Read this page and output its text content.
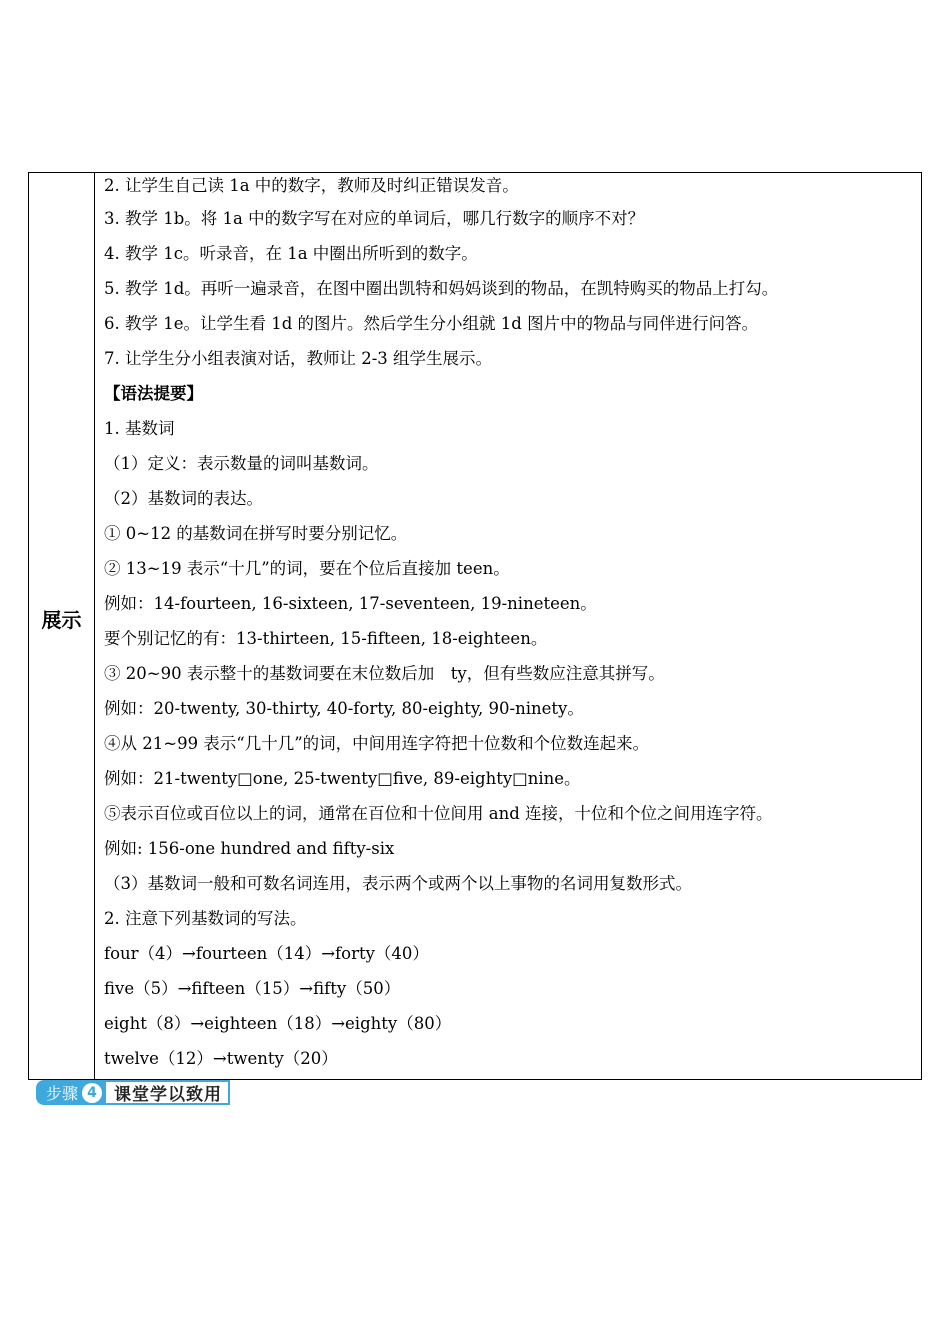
展示
2. 让学生自己读 1a 中的数字，教师及时纠正错误发音。
3. 教学 1b。将 1a 中的数字写在对应的单词后，哪几行数字的顺序不对？
4. 教学 1c。听录音，在 1a 中圈出所听到的数字。
5. 教学 1d。再听一遍录音，在图中圈出凯特和妈妈谈到的物品，在凯特购买的物品上打勾。
6. 教学 1e。让学生看 1d 的图片。然后学生分小组就 1d 图片中的物品与同伴进行问答。
7. 让学生分小组表演对话，教师让 2-3 组学生展示。
【语法提要】
1. 基数词
（1）定义：表示数量的词叫基数词。
（2）基数词的表达。
① 0~12 的基数词在拼写时要分别记忆。
② 13~19 表示“十几”的词，要在个位后直接加 teen。
例如：14-fourteen, 16-sixteen, 17-seventeen, 19-nineteen。
要个别记忆的有：13-thirteen, 15-fifteen, 18-eighteen。
③ 20~90 表示整十的基数词要在末位数后加　ty，但有些数应注意其拼写。
例如：20-twenty, 30-thirty, 40-forty, 80-eighty, 90-ninety。
④从 21~99 表示“几十几”的词，中间用连字符把十位数和个位数连起来。
例如：21-twenty□one, 25-twenty□five, 89-eighty□nine。
⑤表示百位或百位以上的词，通常在百位和十位间用 and 连接，十位和个位之间用连字符。
例如: 156-one hundred and fifty-six
（3）基数词一般和可数名词连用，表示两个或两个以上事物的名词用复数形式。
2. 注意下列基数词的写法。
four（4）→fourteen（14）→forty（40）
five（5）→fifteen（15）→fifty（50）
eight（8）→eighteen（18）→eighty（80）
twelve（12）→twenty（20）
步骤 4	课堂学以致用
